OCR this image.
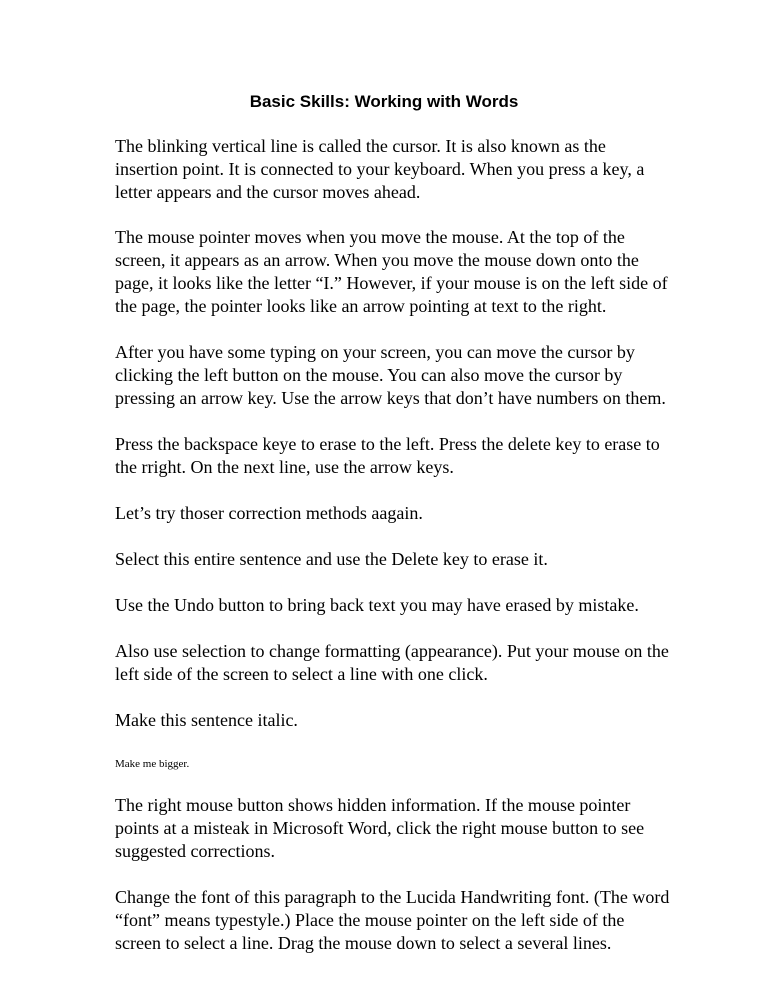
Basic Skills: Working with Words

The blinking vertical line is called the cursor. It is also known as the
insertion point. It is connected to your keyboard. When you press a key, a
letter appears and the cursor moves ahead.

The mouse pointer moves when you move the mouse. At the top of the
screen, it appears as an arrow. When you move the mouse down onto the
page, it looks like the letter “I.” However, if your mouse is on the left side of
the page, the pointer looks like an arrow pointing at text to the right.

After you have some typing on your screen, you can move the cursor by
clicking the left button on the mouse. You can also move the cursor by
pressing an arrow key. Use the arrow keys that don’t have numbers on them.

Press the backspace keye to erase to the left. Press the delete key to erase to
the rright. On the next line, use the arrow keys.

Let’s try thoser correction methods aagain.

Select this entire sentence and use the Delete key to erase it.

Use the Undo button to bring back text you may have erased by mistake.

Also use selection to change formatting (appearance). Put your mouse on the
left side of the screen to select a line with one click.

Make this sentence italic.

Make me bigger.

The right mouse button shows hidden information. If the mouse pointer
points at a misteak in Microsoft Word, click the right mouse button to see
suggested corrections.

Change the font of this paragraph to the Lucida Handwriting font. (The word
“font” means typestyle.) Place the mouse pointer on the left side of the
screen to select a line. Drag the mouse down to select a several lines.
